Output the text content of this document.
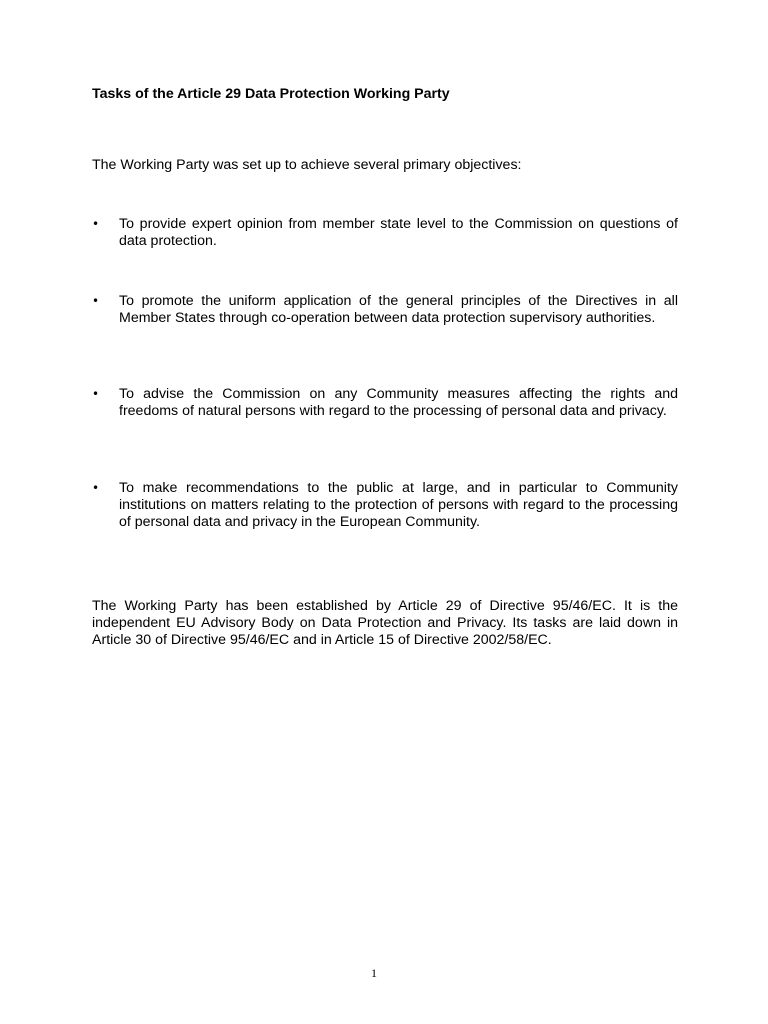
Tasks of the Article 29 Data Protection Working Party
The Working Party was set up to achieve several primary objectives:
•	To provide expert opinion from member state level to the Commission on questions of data protection.
•	To promote the uniform application of the general principles of the Directives in all Member States through co-operation between data protection supervisory authorities.
•	To advise the Commission on any Community measures affecting the rights and freedoms of natural persons with regard to the processing of personal data and privacy.
•	To make recommendations to the public at large, and in particular to Community institutions on matters relating to the protection of persons with regard to the processing of personal data and privacy in the European Community.
The Working Party has been established by Article 29 of Directive 95/46/EC. It is the independent EU Advisory Body on Data Protection and Privacy. Its tasks are laid down in Article 30 of Directive 95/46/EC and in Article 15 of Directive 2002/58/EC.
1
